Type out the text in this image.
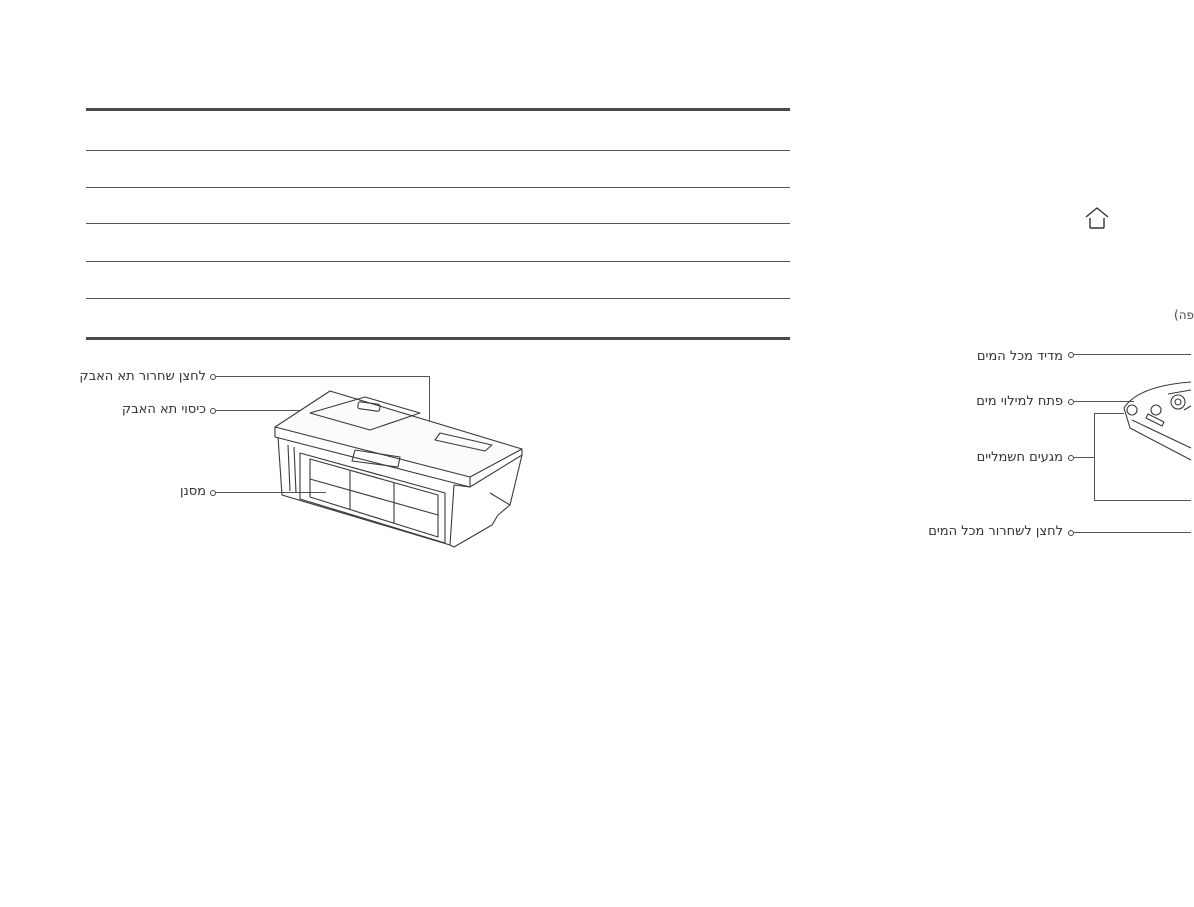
לחצן שחרור תא האבק
כיסוי תא האבק
מסנן
(פה
מדיד מכל המים
פתח למילוי מים
מגעים חשמליים
לחצן לשחרור מכל המים
